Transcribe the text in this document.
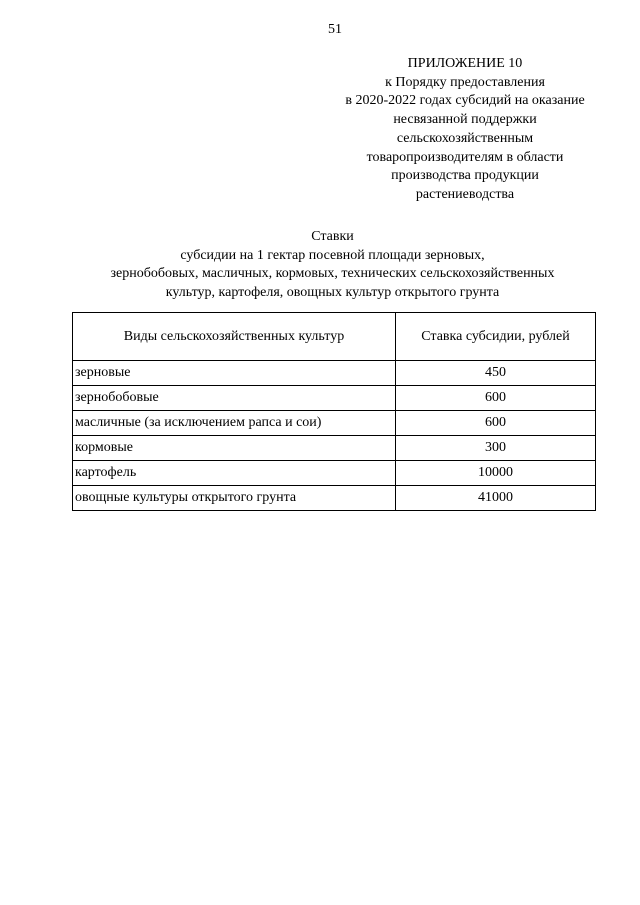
51
ПРИЛОЖЕНИЕ 10
к Порядку предоставления
в 2020-2022 годах субсидий на оказание
несвязанной поддержки
сельскохозяйственным
товаропроизводителям в области
производства продукции
растениеводства
Ставки
субсидии на 1 гектар посевной площади зерновых,
зернобобовых, масличных, кормовых, технических сельскохозяйственных
культур, картофеля, овощных культур открытого грунта
Виды сельскохозяйственных культур	Ставка субсидии, рублей
зерновые	450
зернобобовые	600
масличные (за исключением рапса и сои)	600
кормовые	300
картофель	10000
овощные культуры открытого грунта	41000
